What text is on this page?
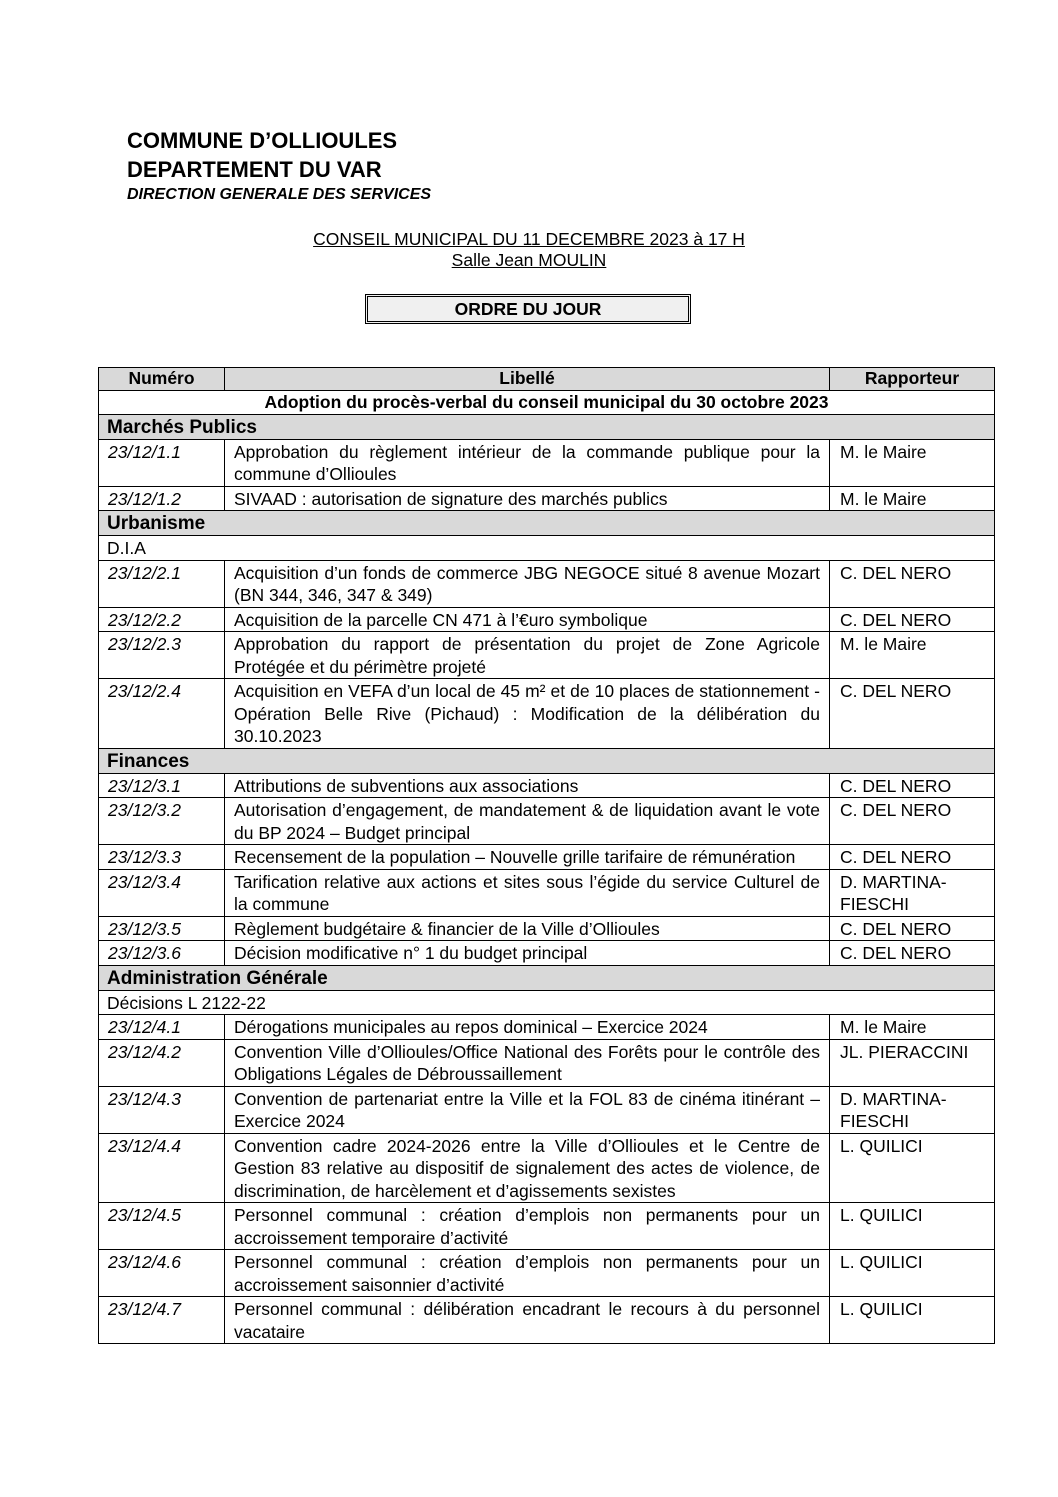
COMMUNE D’OLLIOULES
DEPARTEMENT DU VAR
DIRECTION GENERALE DES SERVICES
CONSEIL MUNICIPAL DU 11 DECEMBRE 2023 à 17 H
Salle Jean MOULIN
ORDRE DU JOUR
Numéro	Libellé	Rapporteur
Adoption du procès-verbal du conseil municipal du 30 octobre 2023		
Marchés Publics		
23/12/1.1	Approbation du règlement intérieur de la commande publique pour la commune d’Ollioules	M. le Maire
23/12/1.2	SIVAAD : autorisation de signature des marchés publics	M. le Maire
Urbanisme		
D.I.A		
23/12/2.1	Acquisition d’un fonds de commerce JBG NEGOCE situé 8 avenue Mozart (BN 344, 346, 347 & 349)	C. DEL NERO
23/12/2.2	Acquisition de la parcelle CN 471 à l’€uro symbolique	C. DEL NERO
23/12/2.3	Approbation du rapport de présentation du projet de Zone Agricole Protégée et du périmètre projeté	M. le Maire
23/12/2.4	Acquisition en VEFA d’un local de 45 m² et de 10 places de stationnement - Opération Belle Rive (Pichaud) : Modification de la délibération du 30.10.2023	C. DEL NERO
Finances		
23/12/3.1	Attributions de subventions aux associations	C. DEL NERO
23/12/3.2	Autorisation d’engagement, de mandatement & de liquidation avant le vote du BP 2024 – Budget principal	C. DEL NERO
23/12/3.3	Recensement de la population – Nouvelle grille tarifaire de rémunération	C. DEL NERO
23/12/3.4	Tarification relative aux actions et sites sous l’égide du service Culturel de la commune	D. MARTINA-FIESCHI
23/12/3.5	Règlement budgétaire & financier de la Ville d’Ollioules	C. DEL NERO
23/12/3.6	Décision modificative n° 1 du budget principal	C. DEL NERO
Administration Générale		
Décisions L 2122-22		
23/12/4.1	Dérogations municipales au repos dominical – Exercice 2024	M. le Maire
23/12/4.2	Convention Ville d’Ollioules/Office National des Forêts pour le contrôle des Obligations Légales de Débroussaillement	JL. PIERACCINI
23/12/4.3	Convention de partenariat entre la Ville et la FOL 83 de cinéma itinérant – Exercice 2024	D. MARTINA-FIESCHI
23/12/4.4	Convention cadre 2024-2026 entre la Ville d’Ollioules et le Centre de Gestion 83 relative au dispositif de signalement des actes de violence, de discrimination, de harcèlement et d’agissements sexistes	L. QUILICI
23/12/4.5	Personnel communal : création d’emplois non permanents pour un accroissement temporaire d’activité	L. QUILICI
23/12/4.6	Personnel communal : création d’emplois non permanents pour un accroissement saisonnier d’activité	L. QUILICI
23/12/4.7	Personnel communal : délibération encadrant le recours à du personnel vacataire	L. QUILICI
